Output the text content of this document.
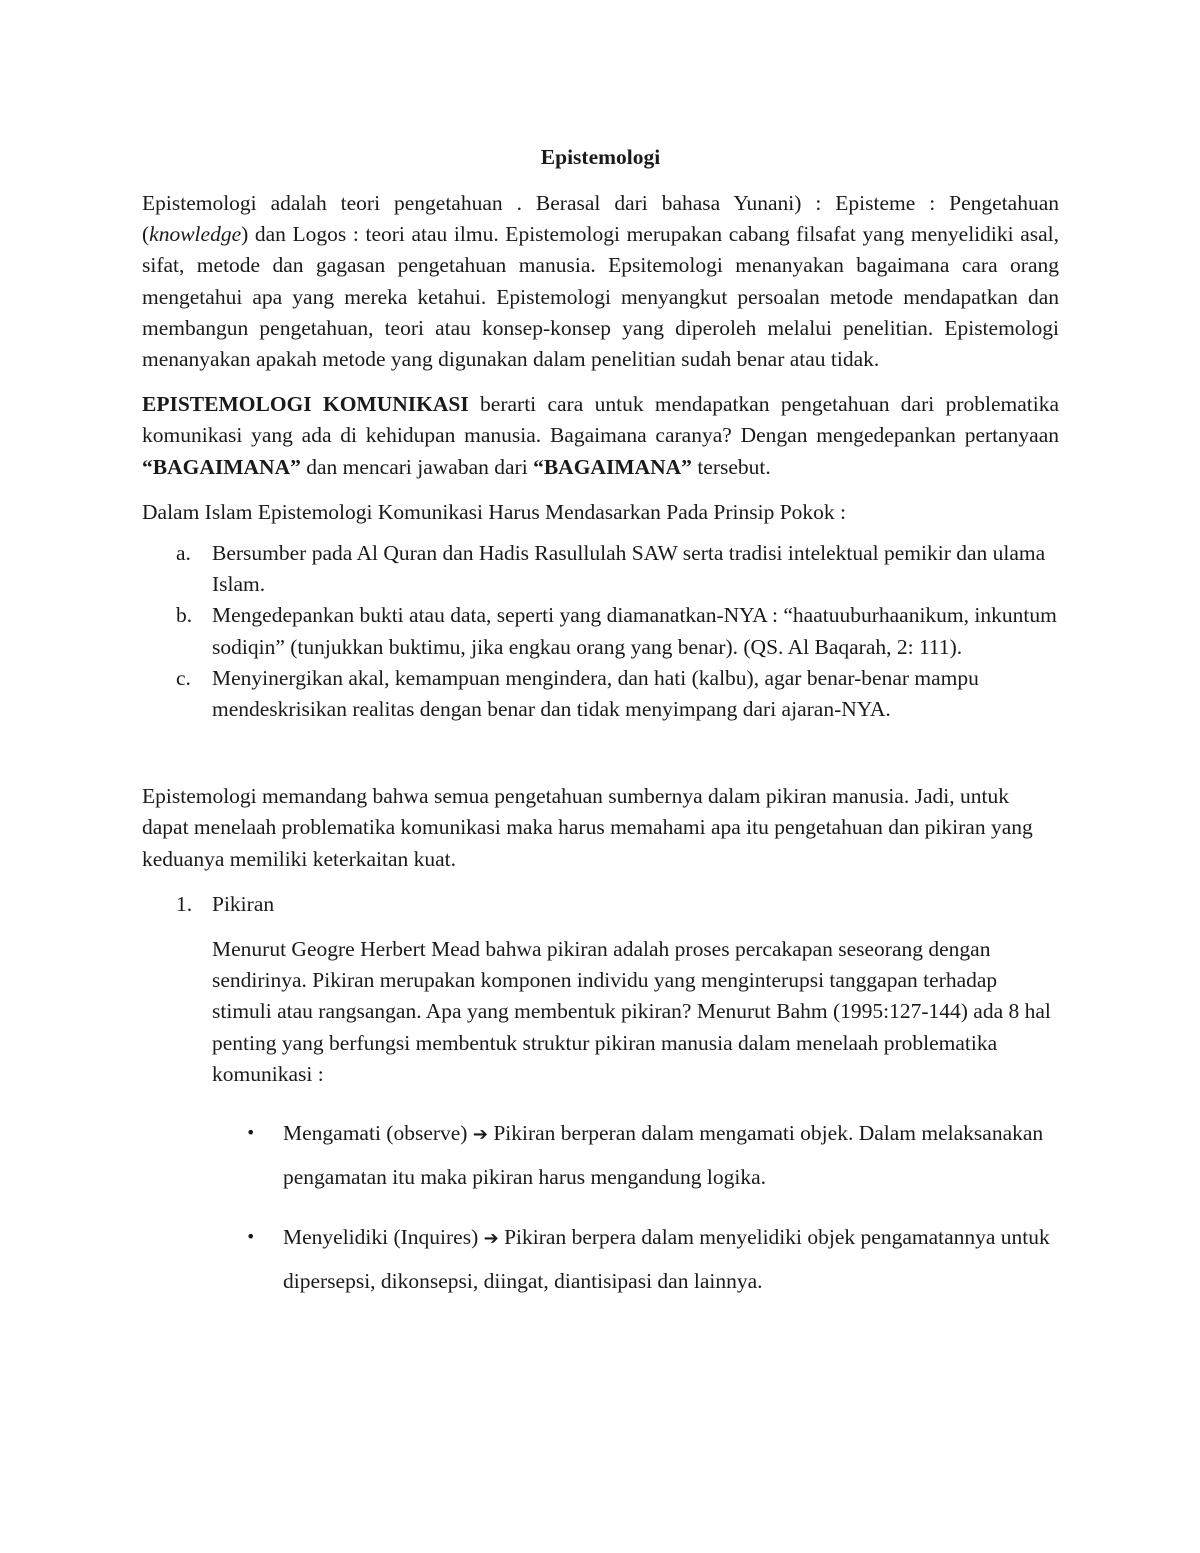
Epistemologi

Epistemologi adalah teori pengetahuan . Berasal dari bahasa Yunani) : Episteme : Pengetahuan (knowledge) dan Logos : teori atau ilmu. Epistemologi merupakan cabang filsafat yang menyelidiki asal, sifat, metode dan gagasan pengetahuan manusia. Epsitemologi menanyakan bagaimana cara orang mengetahui apa yang mereka ketahui. Epistemologi menyangkut persoalan metode mendapatkan dan membangun pengetahuan, teori atau konsep-konsep yang diperoleh melalui penelitian. Epistemologi menanyakan apakah metode yang digunakan dalam penelitian sudah benar atau tidak.

EPISTEMOLOGI KOMUNIKASI berarti cara untuk mendapatkan pengetahuan dari problematika komunikasi yang ada di kehidupan manusia. Bagaimana caranya? Dengan mengedepankan pertanyaan “BAGAIMANA” dan mencari jawaban dari “BAGAIMANA” tersebut.

Dalam Islam Epistemologi Komunikasi Harus Mendasarkan Pada Prinsip Pokok :

a. Bersumber pada Al Quran dan Hadis Rasullulah SAW serta tradisi intelektual pemikir dan ulama Islam.
b. Mengedepankan bukti atau data, seperti yang diamanatkan-NYA : “haatuuburhaanikum, inkuntum sodiqin” (tunjukkan buktimu, jika engkau orang yang benar). (QS. Al Baqarah, 2: 111).
c. Menyinergikan akal, kemampuan mengindera, dan hati (kalbu), agar benar-benar mampu mendeskrisikan realitas dengan benar dan tidak menyimpang dari ajaran-NYA.

Epistemologi memandang bahwa semua pengetahuan sumbernya dalam pikiran manusia. Jadi, untuk dapat menelaah problematika komunikasi maka harus memahami apa itu pengetahuan dan pikiran yang keduanya memiliki keterkaitan kuat.

1. Pikiran

Menurut Geogre Herbert Mead bahwa pikiran adalah proses percakapan seseorang dengan sendirinya. Pikiran merupakan komponen individu yang menginterupsi tanggapan terhadap stimuli atau rangsangan. Apa yang membentuk pikiran? Menurut Bahm (1995:127-144) ada 8 hal penting yang berfungsi membentuk struktur pikiran manusia dalam menelaah problematika komunikasi :

• Mengamati (observe) ➔ Pikiran berperan dalam mengamati objek. Dalam melaksanakan pengamatan itu maka pikiran harus mengandung logika.
• Menyelidiki (Inquires) ➔ Pikiran berpera dalam menyelidiki objek pengamatannya untuk dipersepsi, dikonsepsi, diingat, diantisipasi dan lainnya.
